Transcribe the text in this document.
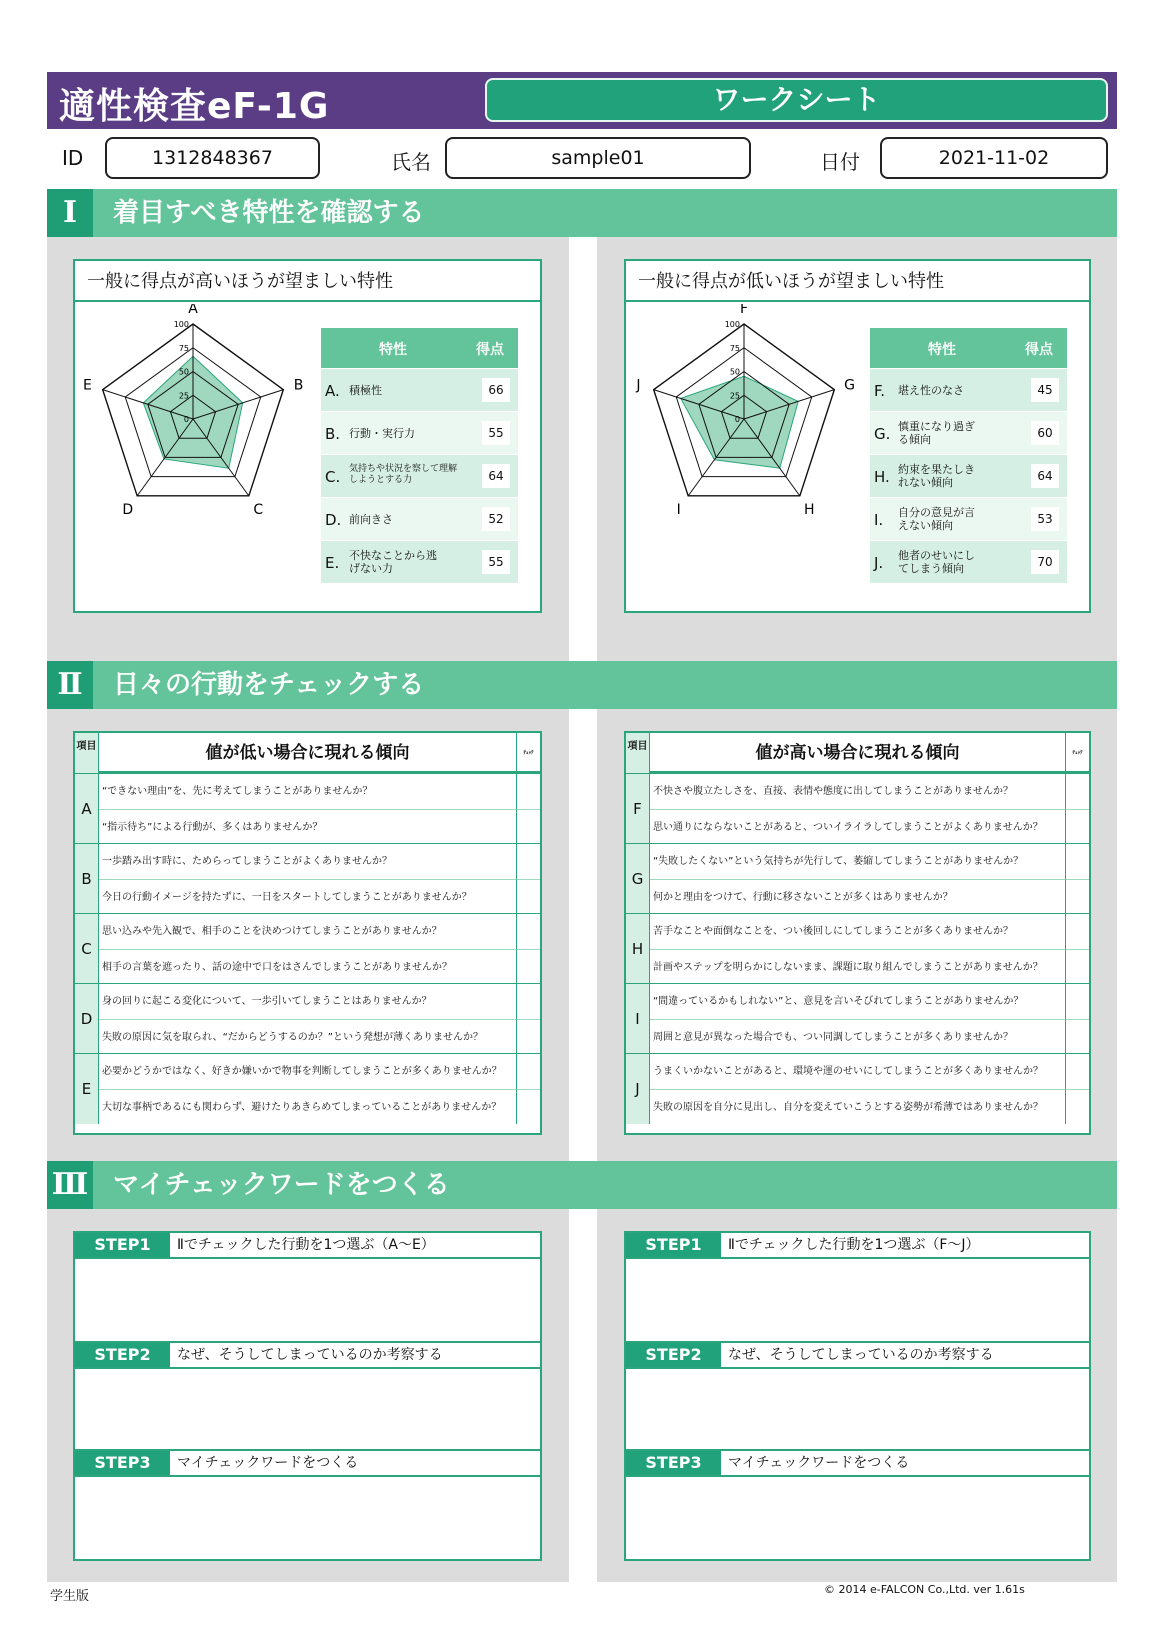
適性検査eF-1G	ワークシート
ID	1312848367	氏名	sample01	日付	2021-11-02
Ⅰ	着目すべき特性を確認する
一般に得点が高いほうが望ましい特性
100
75
50
25
0
A
B
C
D
E
特性	得点
A. 積極性	66
B. 行動・実行力	55
C. 気持ちや状況を察して理解しようとする力	64
D. 前向きさ	52
E. 不快なことから逃げない力	55
一般に得点が低いほうが望ましい特性
100
75
50
25
0
F
G
H
I
J
特性	得点
F. 堪え性のなさ	45
G. 慎重になり過ぎる傾向	60
H. 約束を果たしきれない傾向	64
I. 自分の意見が言えない傾向	53
J. 他者のせいにしてしまう傾向	70
Ⅱ	日々の行動をチェックする
項目	値が低い場合に現れる傾向	ﾁｪｯｸ
A
“できない理由”を、先に考えてしまうことがありませんか？
“指示待ち”による行動が、多くはありませんか？
B
一歩踏み出す時に、ためらってしまうことがよくありませんか？
今日の行動イメージを持たずに、一日をスタートしてしまうことがありませんか？
C
思い込みや先入観で、相手のことを決めつけてしまうことがありませんか？
相手の言葉を遮ったり、話の途中で口をはさんでしまうことがありませんか？
D
身の回りに起こる変化について、一歩引いてしまうことはありませんか？
失敗の原因に気を取られ、“だからどうするのか？”という発想が薄くありませんか？
E
必要かどうかではなく、好きか嫌いかで物事を判断してしまうことが多くありませんか？
大切な事柄であるにも関わらず、避けたりあきらめてしまっていることがありませんか？
項目	値が高い場合に現れる傾向	ﾁｪｯｸ
F
不快さや腹立たしさを、直接、表情や態度に出してしまうことがありませんか？
思い通りにならないことがあると、ついイライラしてしまうことがよくありませんか？
G
“失敗したくない”という気持ちが先行して、萎縮してしまうことがありませんか？
何かと理由をつけて、行動に移さないことが多くはありませんか？
H
苦手なことや面倒なことを、つい後回しにしてしまうことが多くありませんか？
計画やステップを明らかにしないまま、課題に取り組んでしまうことがありませんか？
I
“間違っているかもしれない”と、意見を言いそびれてしまうことがありませんか？
周囲と意見が異なった場合でも、つい同調してしまうことが多くありませんか？
J
うまくいかないことがあると、環境や運のせいにしてしまうことが多くありませんか？
失敗の原因を自分に見出し、自分を変えていこうとする姿勢が希薄ではありませんか？
Ⅲ マイチェックワードをつくる
STEP1	Ⅱでチェックした行動を1つ選ぶ（A〜E）
STEP2	なぜ、そうしてしまっているのか考察する
STEP3	マイチェックワードをつくる
STEP1	Ⅱでチェックした行動を1つ選ぶ（F〜J）
STEP2	なぜ、そうしてしまっているのか考察する
STEP3	マイチェックワードをつくる
学生版	© 2014 e-FALCON Co.,Ltd. ver 1.61s
